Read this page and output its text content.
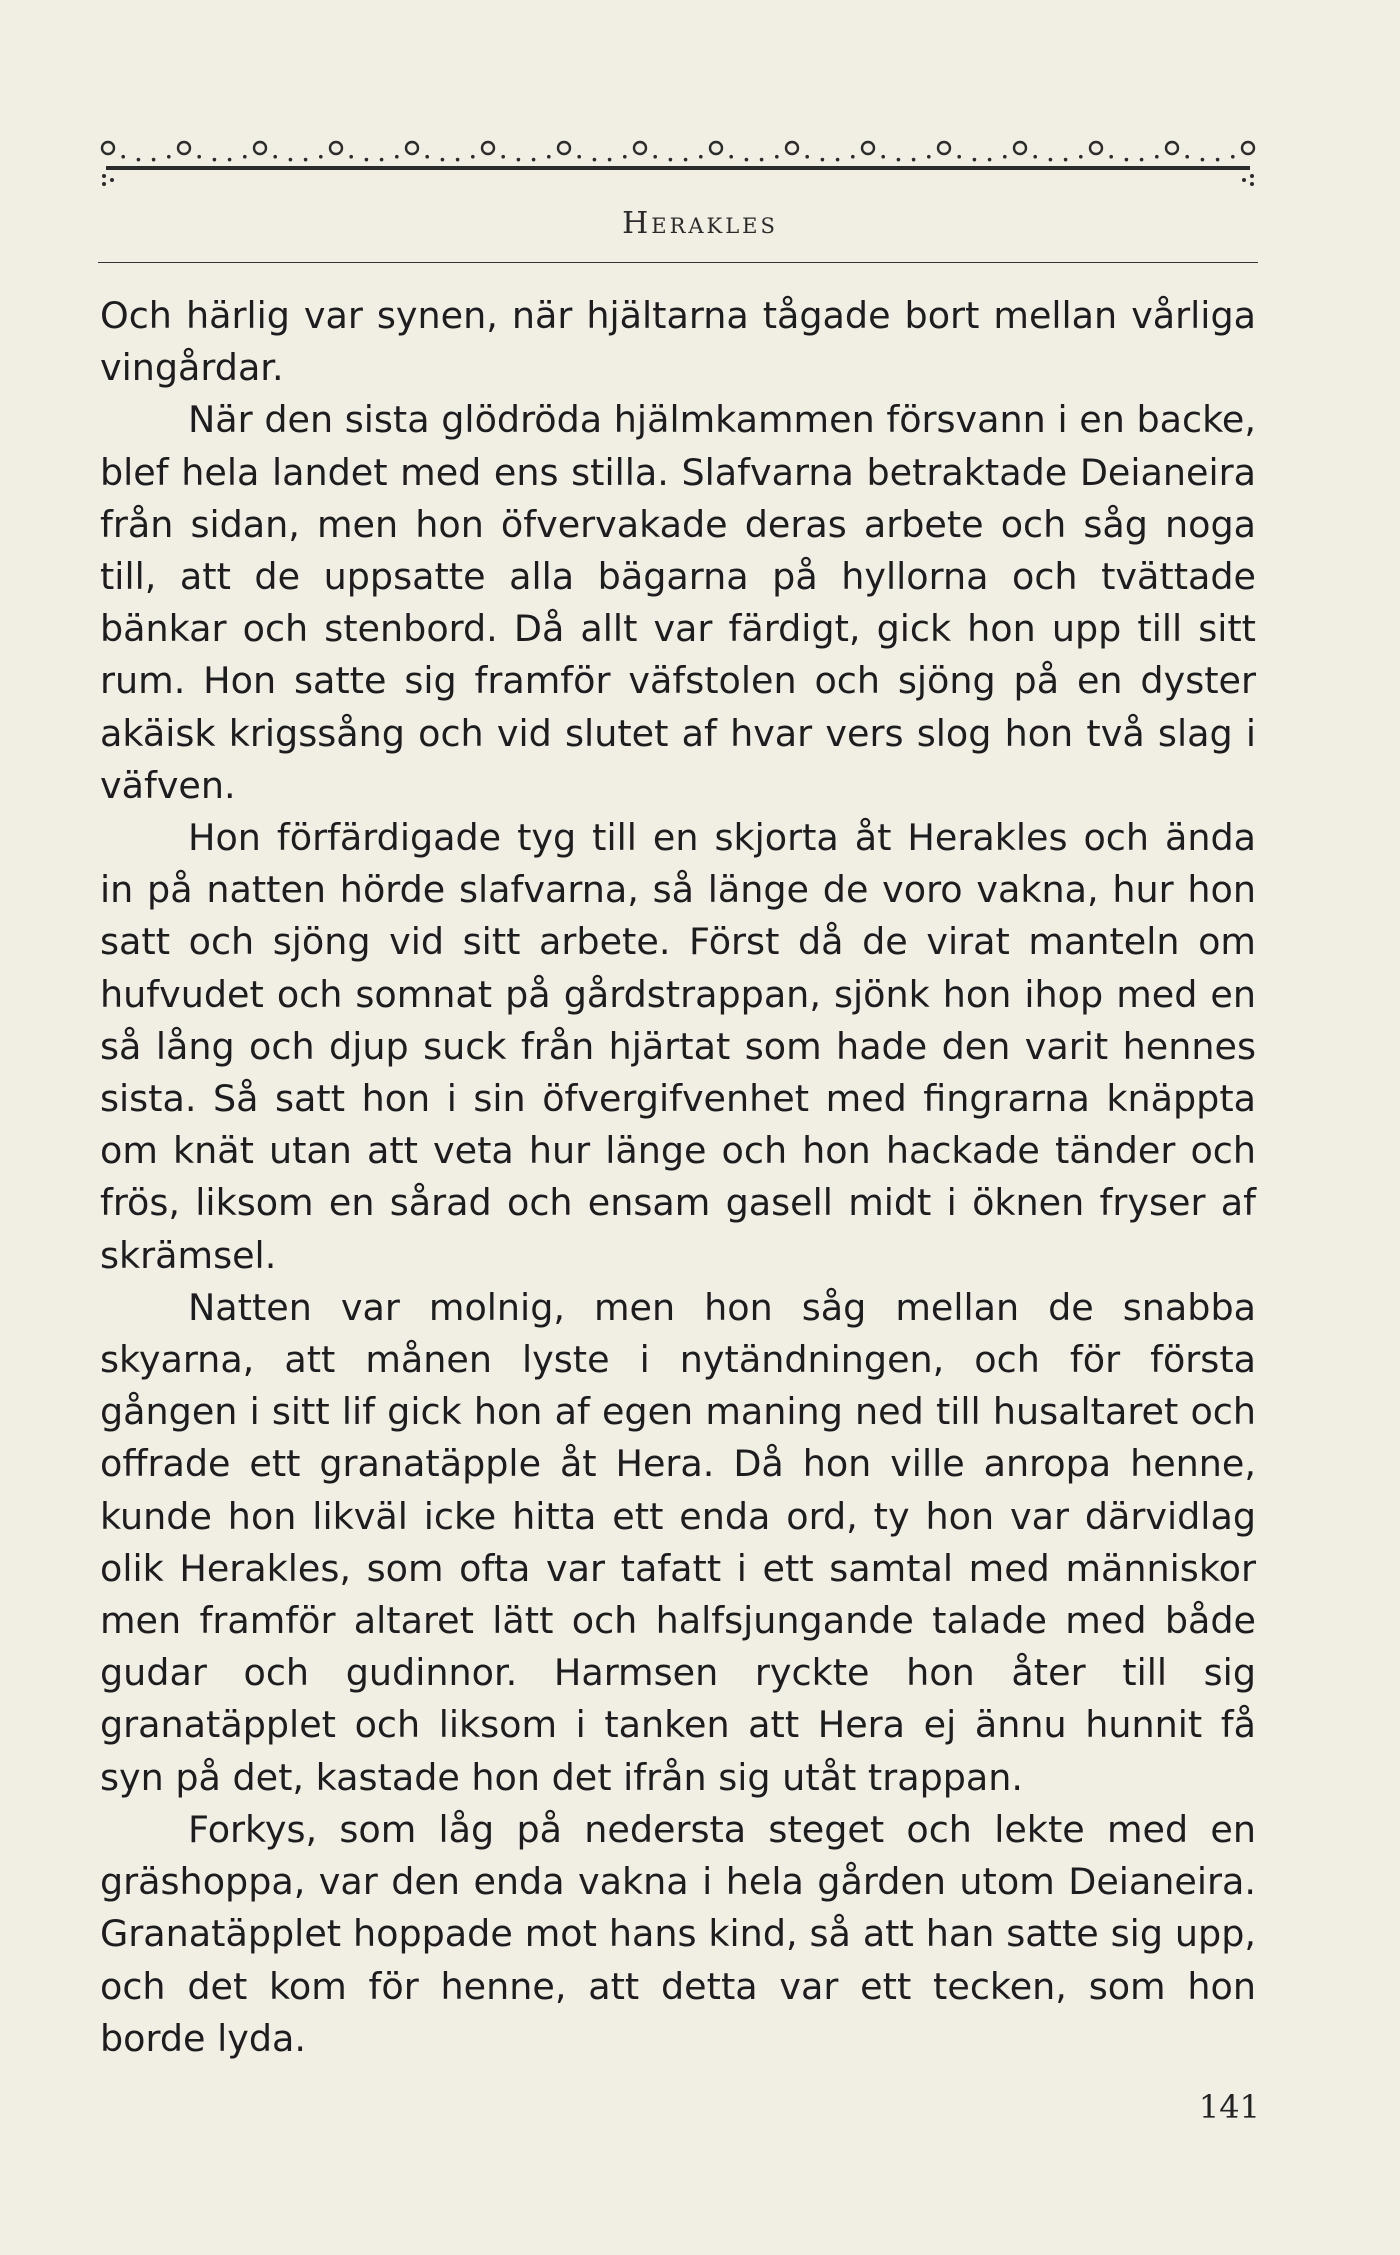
Herakles

Och härlig var synen, när hjältarna tågade bort mellan vårliga vingårdar.

När den sista glödröda hjälmkammen försvann i en backe, blef hela landet med ens stilla. Slafvarna betraktade Deianeira från sidan, men hon öfvervakade deras arbete och såg noga till, att de uppsatte alla bägarna på hyllorna och tvättade bänkar och stenbord. Då allt var färdigt, gick hon upp till sitt rum. Hon satte sig framför väfstolen och sjöng på en dyster akäisk krigssång och vid slutet af hvar vers slog hon två slag i väfven.

Hon förfärdigade tyg till en skjorta åt Herakles och ända in på natten hörde slafvarna, så länge de voro vakna, hur hon satt och sjöng vid sitt arbete. Först då de virat manteln om hufvudet och somnat på gårdstrappan, sjönk hon ihop med en så lång och djup suck från hjärtat som hade den varit hennes sista. Så satt hon i sin öfvergifvenhet med fingrarna knäppta om knät utan att veta hur länge och hon hackade tänder och frös, liksom en sårad och ensam gasell midt i öknen fryser af skrämsel.

Natten var molnig, men hon såg mellan de snabba skyarna, att månen lyste i nytändningen, och för första gången i sitt lif gick hon af egen maning ned till husaltaret och offrade ett granatäpple åt Hera. Då hon ville anropa henne, kunde hon likväl icke hitta ett enda ord, ty hon var därvidlag olik Herakles, som ofta var tafatt i ett samtal med människor men framför altaret lätt och halfsjungande talade med både gudar och gudinnor. Harmsen ryckte hon åter till sig granatäpplet och liksom i tanken att Hera ej ännu hunnit få syn på det, kastade hon det ifrån sig utåt trappan.

Forkys, som låg på nedersta steget och lekte med en gräshoppa, var den enda vakna i hela gården utom Deianeira. Granatäpplet hoppade mot hans kind, så att han satte sig upp, och det kom för henne, att detta var ett tecken, som hon borde lyda.

141
